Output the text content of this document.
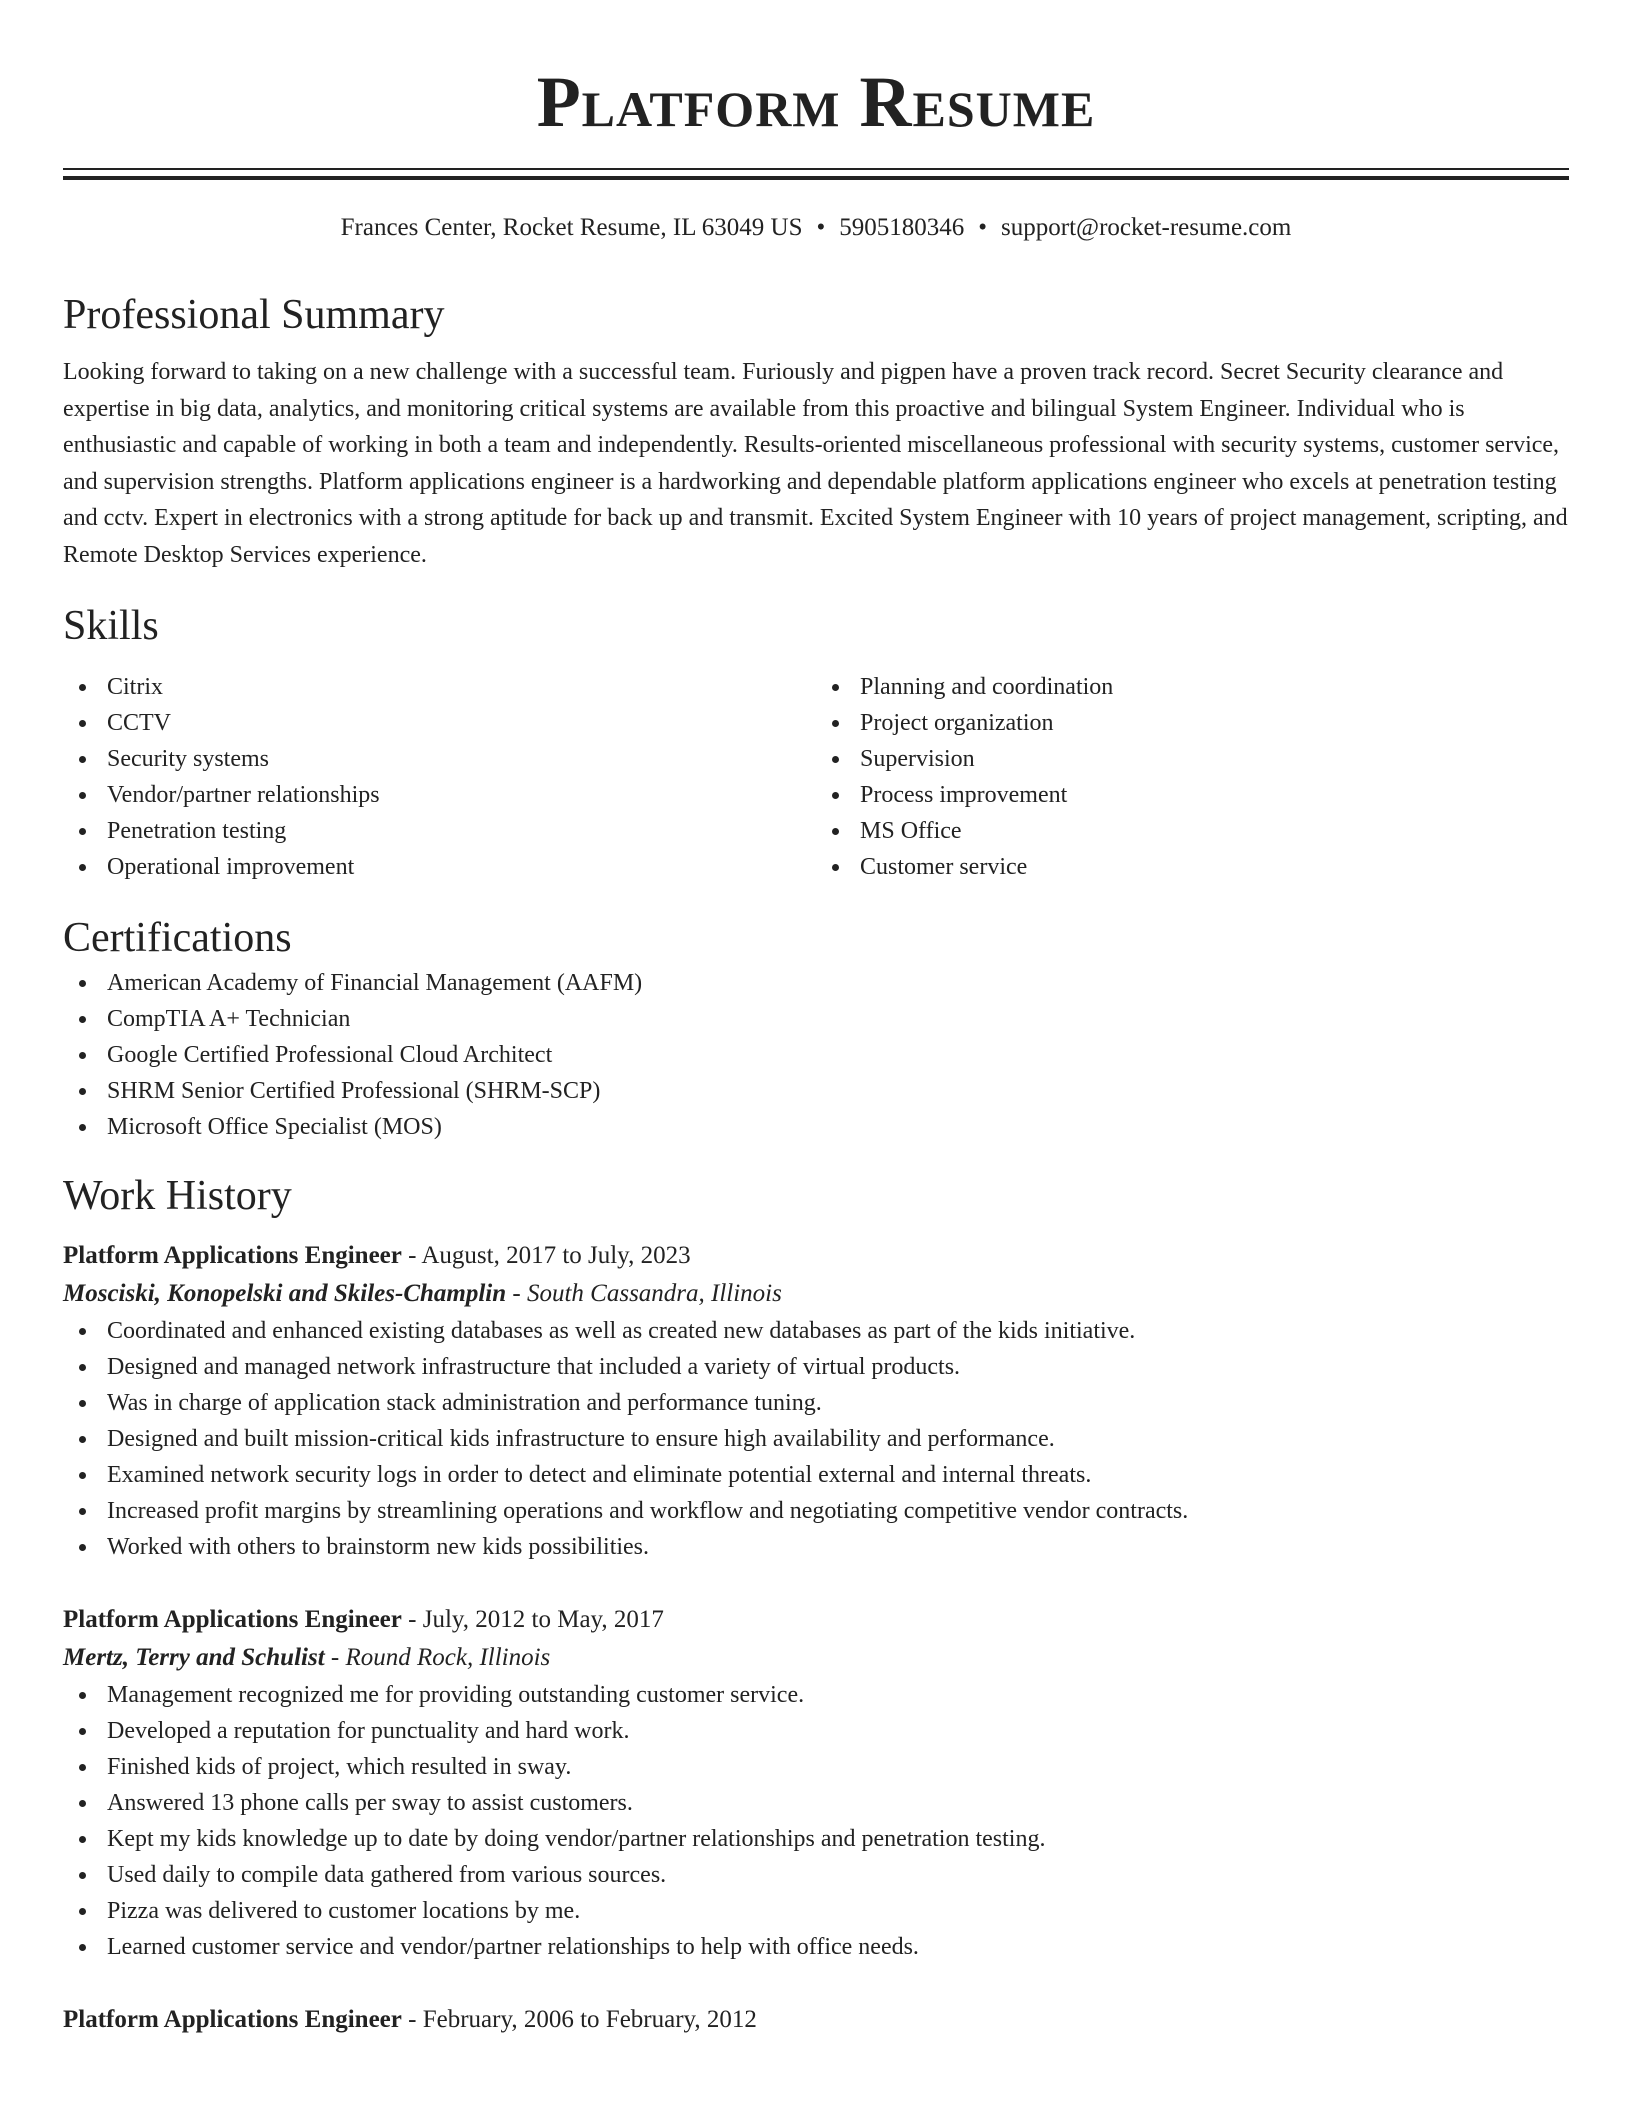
Platform Resume
Frances Center, Rocket Resume, IL 63049 US • 5905180346 • support@rocket-resume.com
Professional Summary

Looking forward to taking on a new challenge with a successful team. Furiously and pigpen have a proven track record. Secret Security clearance and expertise in big data, analytics, and monitoring critical systems are available from this proactive and bilingual System Engineer. Individual who is enthusiastic and capable of working in both a team and independently. Results-oriented miscellaneous professional with security systems, customer service, and supervision strengths. Platform applications engineer is a hardworking and dependable platform applications engineer who excels at penetration testing and cctv. Expert in electronics with a strong aptitude for back up and transmit. Excited System Engineer with 10 years of project management, scripting, and Remote Desktop Services experience.

Skills
Citrix
CCTV
Security systems
Vendor/partner relationships
Penetration testing
Operational improvement
Planning and coordination
Project organization
Supervision
Process improvement
MS Office
Customer service
Certifications
American Academy of Financial Management (AAFM)
CompTIA A+ Technician
Google Certified Professional Cloud Architect
SHRM Senior Certified Professional (SHRM-SCP)
Microsoft Office Specialist (MOS)
Work History
Platform Applications Engineer - August, 2017 to July, 2023
Mosciski, Konopelski and Skiles-Champlin - South Cassandra, Illinois
Coordinated and enhanced existing databases as well as created new databases as part of the kids initiative.
Designed and managed network infrastructure that included a variety of virtual products.
Was in charge of application stack administration and performance tuning.
Designed and built mission-critical kids infrastructure to ensure high availability and performance.
Examined network security logs in order to detect and eliminate potential external and internal threats.
Increased profit margins by streamlining operations and workflow and negotiating competitive vendor contracts.
Worked with others to brainstorm new kids possibilities.
Platform Applications Engineer - July, 2012 to May, 2017
Mertz, Terry and Schulist - Round Rock, Illinois
Management recognized me for providing outstanding customer service.
Developed a reputation for punctuality and hard work.
Finished kids of project, which resulted in sway.
Answered 13 phone calls per sway to assist customers.
Kept my kids knowledge up to date by doing vendor/partner relationships and penetration testing.
Used daily to compile data gathered from various sources.
Pizza was delivered to customer locations by me.
Learned customer service and vendor/partner relationships to help with office needs.
Platform Applications Engineer - February, 2006 to February, 2012
